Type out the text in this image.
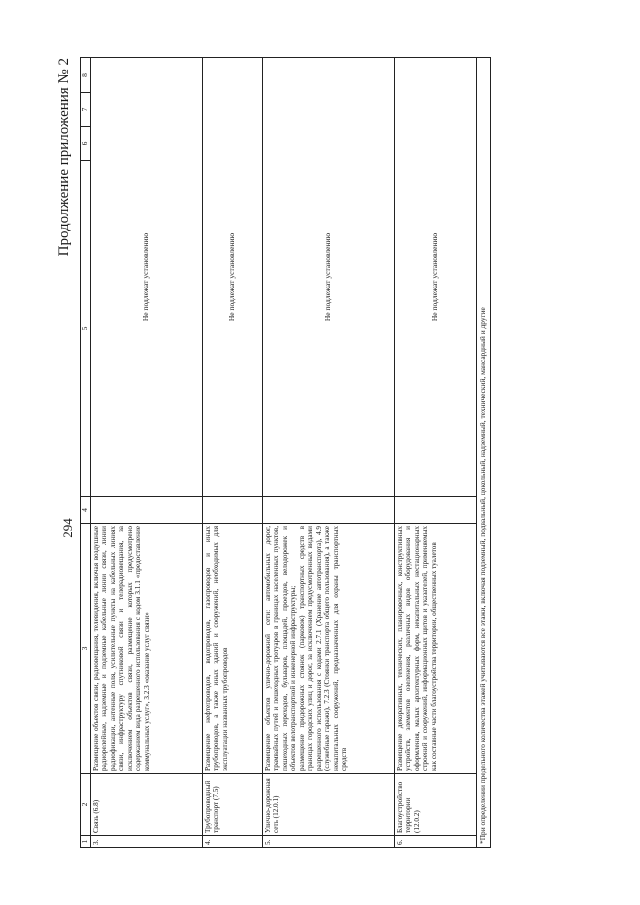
294
Продолжение приложения № 2
1	2	3	4	5	6	7	8
3.	Связь (6.8)	Размещение объектов связи, радиовещания, телевидения, включая воздушные радиорелейные, надземные и подземные кабельные линии связи, линии радиофикации, антенные поля, усилительные пункты на кабельных линиях связи, инфраструктуру спутниковой связи и телерадиовещания, за исключением объектов связи, размещение которых предусмотрено содержанием вида разрешенного использования с кодом 3.1.1 «предоставление коммунальных услуг», 3.2.3 «оказание услуг связи»		Не подлежат установлению			
4.	Трубопроводный транспорт (7.5)	Размещение нефтепроводов, водопроводов, газопроводов и иных трубопроводов, а также иных зданий и сооружений, необходимых для эксплуатации названных трубопроводов		Не подлежат установлению			
5.	Улично-дорожная сеть (12.0.1)	Размещение объектов улично-дорожной сети: автомобильных дорог, трамвайных путей и пешеходных тротуаров в границах населенных пунктов, пешеходных переходов, бульваров, площадей, проездов, велодорожек и объектов велотранспортной и инженерной инфраструктуры; размещение придорожных стоянок (парковок) транспортных средств в границах городских улиц и дорог, за исключением предусмотренных видами разрешенного использования с кодами 2.7.1 (Хранение автотранспорта), 4.9 (служебные гаражи), 7.2.3 (Стоянки транспорта общего пользования), а также некапитальных сооружений, предназначенных для охраны транспортных средств		Не подлежат установлению			
6.	Благоустройство территории (12.0.2)	Размещение декоративных, технических, планировочных, конструктивных устройств, элементов озеленения, различных видов оборудования и оформления, малых архитектурных форм, некапитальных нестационарных строений и сооружений, информационных щитов и указателей, применяемых как составные части благоустройства территории, общественных туалетов		Не подлежат установлению			
*При определении предельного количества этажей учитываются все этажи, включая подземный, подвальный, цокольный, надземный, технический, мансардный и другие							
